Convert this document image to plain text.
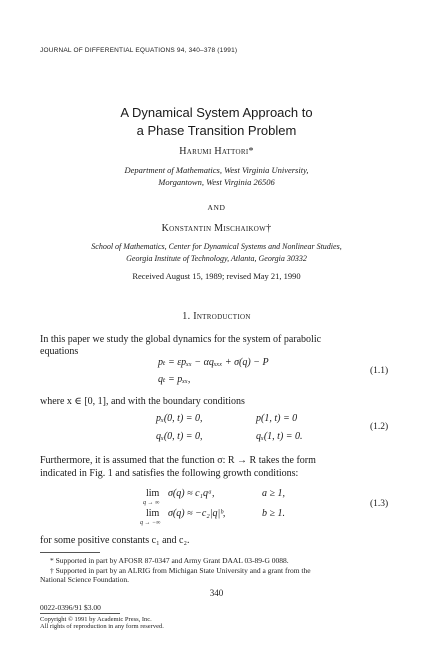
JOURNAL OF DIFFERENTIAL EQUATIONS 94, 340–378 (1991)
A Dynamical System Approach to
a Phase Transition Problem
Harumi Hattori*
Department of Mathematics, West Virginia University,
Morgantown, West Virginia 26506
AND
Konstantin Mischaikow†
School of Mathematics, Center for Dynamical Systems and Nonlinear Studies,
Georgia Institute of Technology, Atlanta, Georgia 30332
Received August 15, 1989; revised May 21, 1990
1. Introduction
In this paper we study the global dynamics for the system of parabolic
equations
pₜ = εpₓₓ − αqₓₓₓ + σ(q) − P
qₜ = pₓₓ,
(1.1)
where x ∈ [0, 1], and with the boundary conditions
pₓ(0, t) = 0,	p(1, t) = 0
qₓ(0, t) = 0,	qₓ(1, t) = 0.
(1.2)
Furthermore, it is assumed that the function σ: R → R takes the form
indicated in Fig. 1 and satisfies the following growth conditions:
lim
q → ∞
σ(q) ≈ c₁qᵃ,	a ≥ 1,
lim
q → −∞
σ(q) ≈ −c₂|q|ᵇ,	b ≥ 1.
(1.3)
for some positive constants c₁ and c₂.
* Supported in part by AFOSR 87-0347 and Army Grant DAAL 03-89-G 0088.
† Supported in part by an ALRIG from Michigan State University and a grant from the
National Science Foundation.
340
0022-0396/91 $3.00
Copyright © 1991 by Academic Press, Inc.
All rights of reproduction in any form reserved.
